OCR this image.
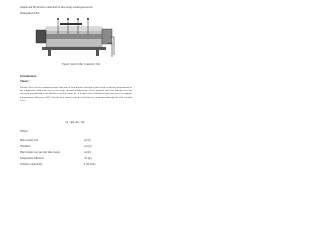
Sample and fill the heat conduction for heat along a homogeneous bar
Homogeneous Bar
Figure: Searle's Bar Conductor Unit
Introduction
Theory:
Fourier's law of heat conduction states that rate of heat transfer through a plane body is directly proportional to the temperature difference across the body, thermal conductivity of the material and heat transfer area but inversely proportional to the thickness of plane body. So, if a plane wall of thickness (Δx) and area (A) supports a temperature difference (ΔT), then the heat transfer rate per unit time by conduction through the wall is found to be:
Q = kA ΔT / Δx
Where:
Heat transfer rate	Q (W)
Thickness	Δx (m)
Heat transfer area per unit time (Area)	A (m²)
Temperature difference	ΔT (K)
Thermal conductivity	k (W/m.K)
